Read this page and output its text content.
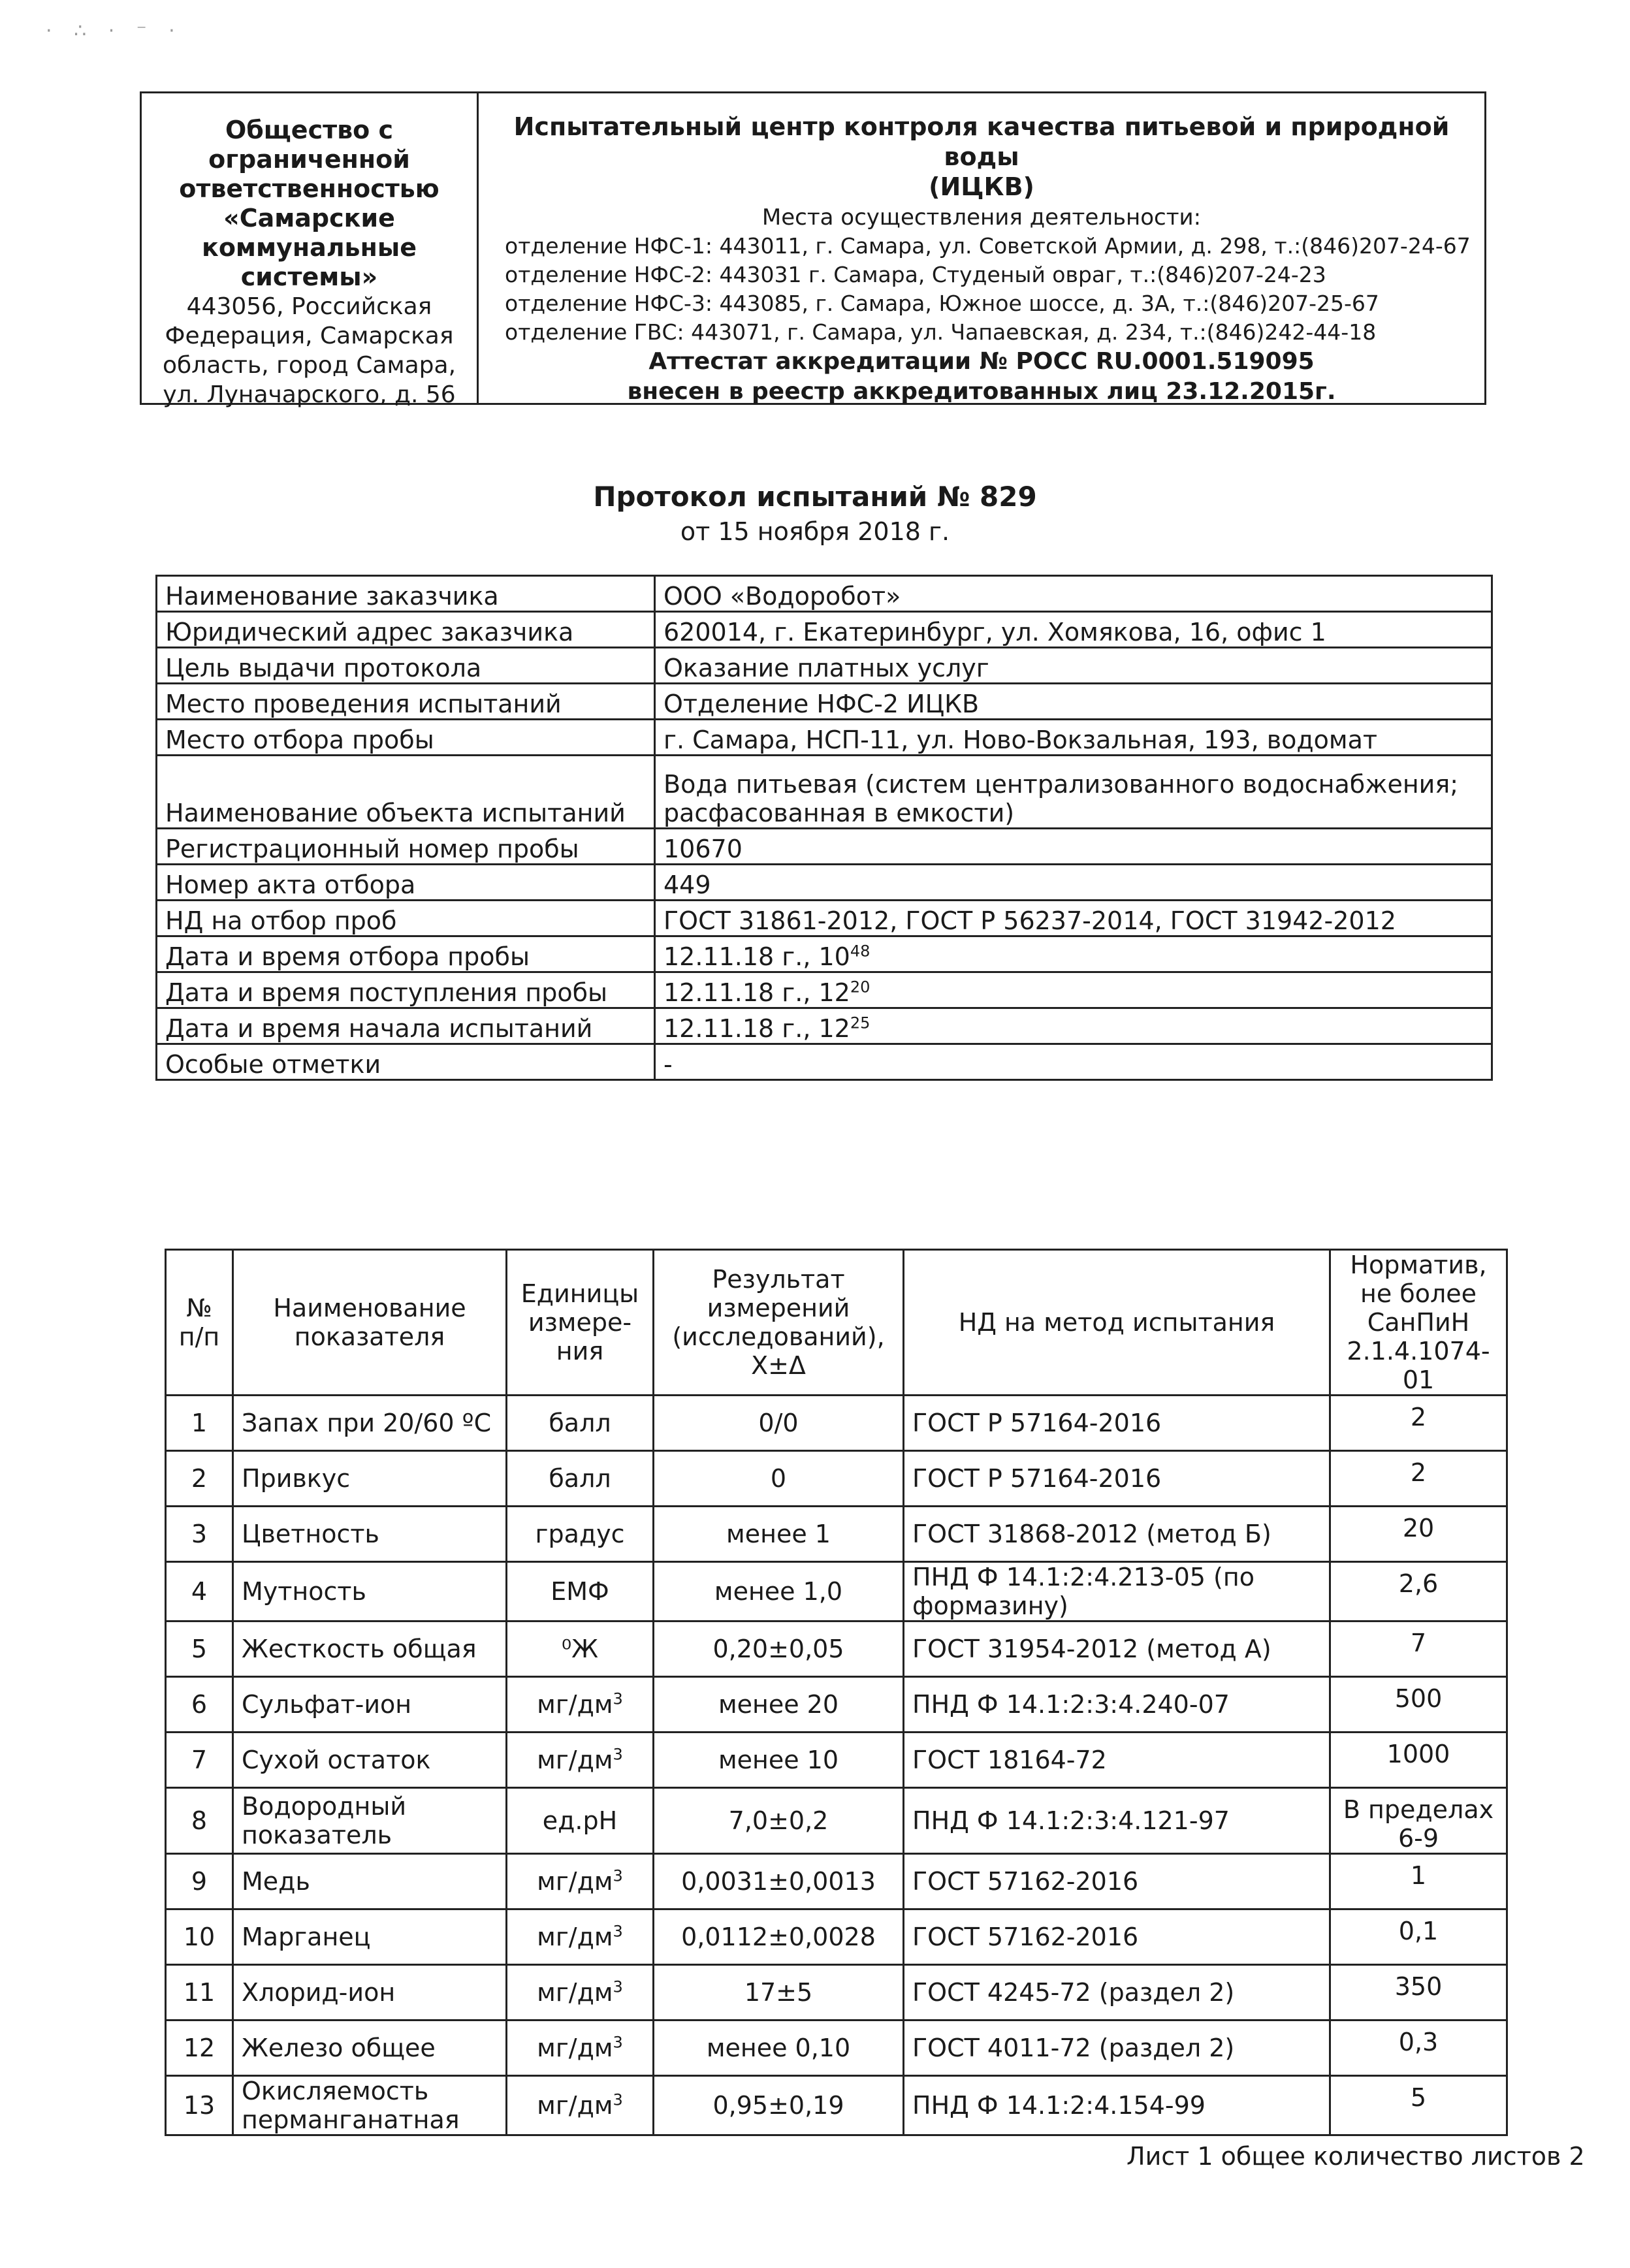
· ∴ · ⁻ ·

Общество с
ограниченной
ответственностью
«Самарские
коммунальные
системы»

443056, Российская
Федерация, Самарская
область, город Самара,
ул. Луначарского, д. 56

Испытательный центр контроля качества питьевой и природной воды
(ИЦКВ)

Места осуществления деятельности:

отделение НФС-1: 443011, г. Самара, ул. Советской Армии, д. 298, т.:(846)207-24-67
отделение НФС-2: 443031 г. Самара, Студеный овраг, т.:(846)207-24-23
отделение НФС-3: 443085, г. Самара, Южное шоссе, д. 3А, т.:(846)207-25-67
отделение ГВС: 443071, г. Самара, ул. Чапаевская, д. 234, т.:(846)242-44-18

Аттестат аккредитации № РОСС RU.0001.519095

внесен в реестр аккредитованных лиц 23.12.2015г.

Протокол испытаний № 829

от 15 ноября 2018 г.

Наименование заказчика	ООО «Водоробот»
Юридический адрес заказчика	620014, г. Екатеринбург, ул. Хомякова, 16, офис 1
Цель выдачи протокола	Оказание платных услуг
Место проведения испытаний	Отделение НФС-2 ИЦКВ
Место отбора пробы	г. Самара, НСП-11, ул. Ново-Вокзальная, 193, водомат
Наименование объекта испытаний	Вода питьевая (систем централизованного водоснабжения; расфасованная в емкости)
Регистрационный номер пробы	10670
Номер акта отбора	449
НД на отбор проб	ГОСТ 31861-2012, ГОСТ Р 56237-2014, ГОСТ 31942-2012
Дата и время отбора пробы	12.11.18 г., $10^{48}$
Дата и время поступления пробы	12.11.18 г., $12^{20}$
Дата и время начала испытаний	12.11.18 г., $12^{25}$
Особые отметки	-
№ п/п	Наименование показателя	Единицы измере-ния	Результат измерений (исследований), Х±Δ	НД на метод испытания	Норматив, не более СанПиН 2.1.4.1074-01
1	Запах при 20/60 ºС	балл	0/0	ГОСТ Р 57164-2016	2
2	Привкус	балл	0	ГОСТ Р 57164-2016	2
3	Цветность	градус	менее 1	ГОСТ 31868-2012 (метод Б)	20
4	Мутность	ЕМФ	менее 1,0	ПНД Ф 14.1:2:4.213-05 (по формазину)	2,6
5	Жесткость общая	⁰Ж	0,20±0,05	ГОСТ 31954-2012 (метод А)	7
6	Сульфат-ион	$мг/дм^3$	менее 20	ПНД Ф 14.1:2:3:4.240-07	500
7	Сухой остаток	$мг/дм^3$	менее 10	ГОСТ 18164-72	1000
8	Водородный показатель	ед.pH	7,0±0,2	ПНД Ф 14.1:2:3:4.121-97	В пределах 6-9
9	Медь	$мг/дм^3$	0,0031±0,0013	ГОСТ 57162-2016	1
10	Марганец	$мг/дм^3$	0,0112±0,0028	ГОСТ 57162-2016	0,1
11	Хлорид-ион	$мг/дм^3$	17±5	ГОСТ 4245-72 (раздел 2)	350
12	Железо общее	$мг/дм^3$	менее 0,10	ГОСТ 4011-72 (раздел 2)	0,3
13	Окисляемость перманганатная	$мг/дм^3$	0,95±0,19	ПНД Ф 14.1:2:4.154-99	5

Лист 1 общее количество листов 2
